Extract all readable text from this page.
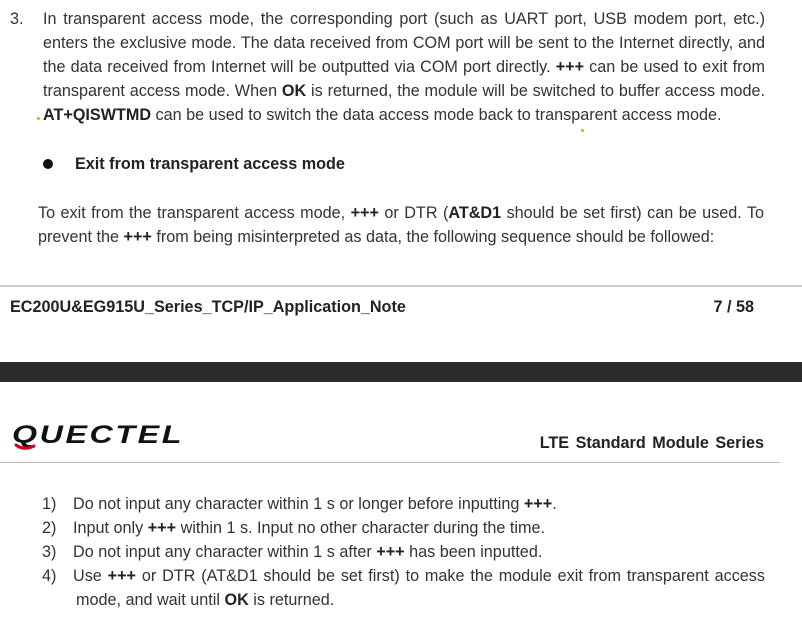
3. In transparent access mode, the corresponding port (such as UART port, USB modem port, etc.)
enters the exclusive mode. The data received from COM port will be sent to the Internet directly, and
the data received from Internet will be outputted via COM port directly. +++ can be used to exit from
transparent access mode. When OK is returned, the module will be switched to buffer access mode.
AT+QISWTMD can be used to switch the data access mode back to transparent access mode.
Exit from transparent access mode
To exit from the transparent access mode, +++ or DTR (AT&D1 should be set first) can be used. To
prevent the +++ from being misinterpreted as data, the following sequence should be followed:
EC200U&EG915U_Series_TCP/IP_Application_Note	7 / 58
QUECTEL	LTE Standard Module Series
1) Do not input any character within 1 s or longer before inputting +++.
2) Input only +++ within 1 s. Input no other character during the time.
3) Do not input any character within 1 s after +++ has been inputted.
4) Use +++ or DTR (AT&D1 should be set first) to make the module exit from transparent access
mode, and wait until OK is returned.
